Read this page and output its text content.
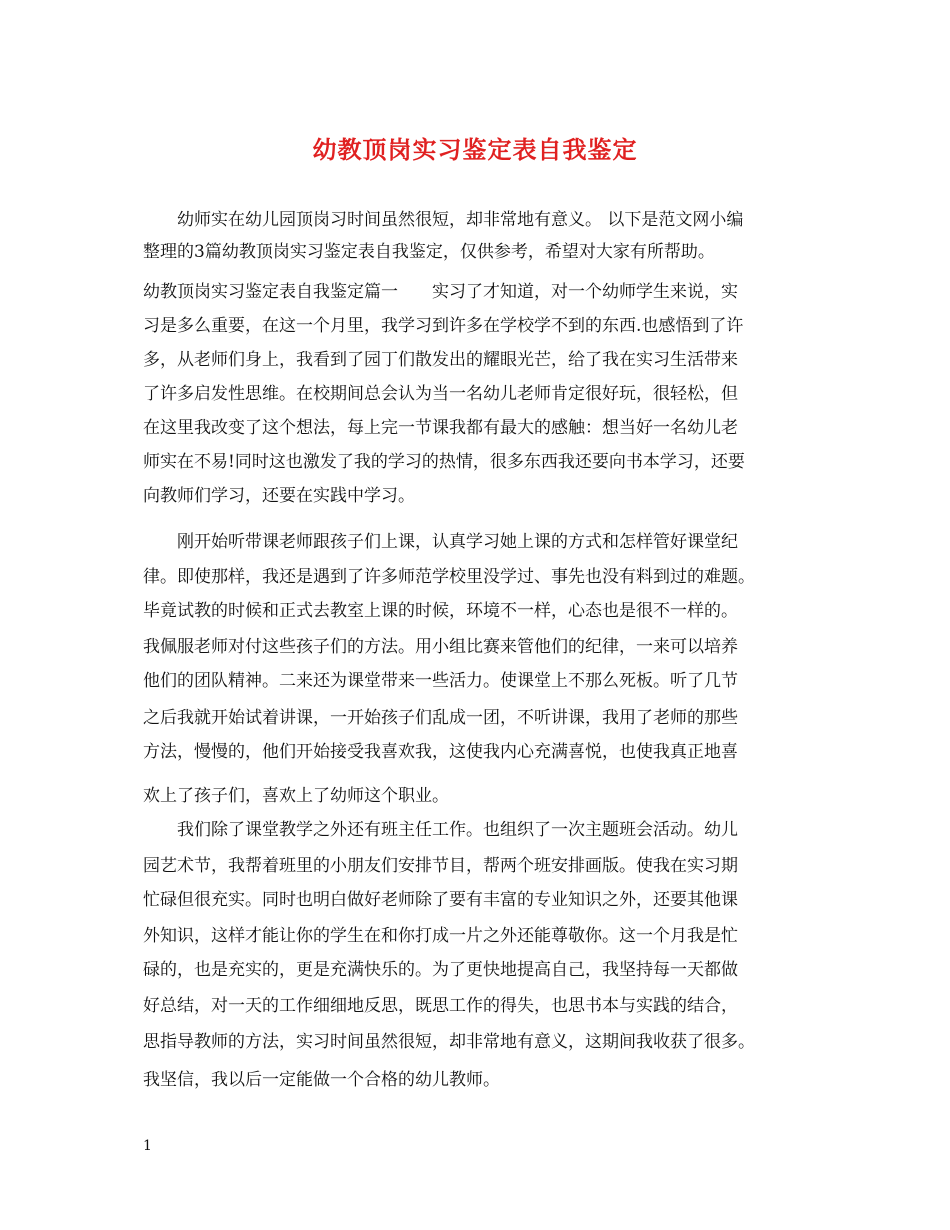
幼教顶岗实习鉴定表自我鉴定
　　幼师实在幼儿园顶岗习时间虽然很短，却非常地有意义。 以下是范文网小编
整理的3篇幼教顶岗实习鉴定表自我鉴定，仅供参考，希望对大家有所帮助。
幼教顶岗实习鉴定表自我鉴定篇一　　实习了才知道，对一个幼师学生来说，实
习是多么重要，在这一个月里，我学习到许多在学校学不到的东西.也感悟到了许
多，从老师们身上，我看到了园丁们散发出的耀眼光芒，给了我在实习生活带来
了许多启发性思维。在校期间总会认为当一名幼儿老师肯定很好玩，很轻松，但
在这里我改变了这个想法，每上完一节课我都有最大的感触：想当好一名幼儿老
师实在不易!同时这也激发了我的学习的热情，很多东西我还要向书本学习，还要
向教师们学习，还要在实践中学习。
　　刚开始听带课老师跟孩子们上课，认真学习她上课的方式和怎样管好课堂纪
律。即使那样，我还是遇到了许多师范学校里没学过、事先也没有料到过的难题。
毕竟试教的时候和正式去教室上课的时候，环境不一样，心态也是很不一样的。
我佩服老师对付这些孩子们的方法。用小组比赛来管他们的纪律，一来可以培养
他们的团队精神。二来还为课堂带来一些活力。使课堂上不那么死板。听了几节
之后我就开始试着讲课，一开始孩子们乱成一团，不听讲课，我用了老师的那些
方法，慢慢的，他们开始接受我喜欢我，这使我内心充满喜悦，也使我真正地喜
欢上了孩子们，喜欢上了幼师这个职业。
　　我们除了课堂教学之外还有班主任工作。也组织了一次主题班会活动。幼儿
园艺术节，我帮着班里的小朋友们安排节目，帮两个班安排画版。使我在实习期
忙碌但很充实。同时也明白做好老师除了要有丰富的专业知识之外，还要其他课
外知识，这样才能让你的学生在和你打成一片之外还能尊敬你。这一个月我是忙
碌的，也是充实的，更是充满快乐的。为了更快地提高自己，我坚持每一天都做
好总结，对一天的工作细细地反思，既思工作的得失，也思书本与实践的结合，
思指导教师的方法，实习时间虽然很短，却非常地有意义，这期间我收获了很多。
我坚信，我以后一定能做一个合格的幼儿教师。
1
